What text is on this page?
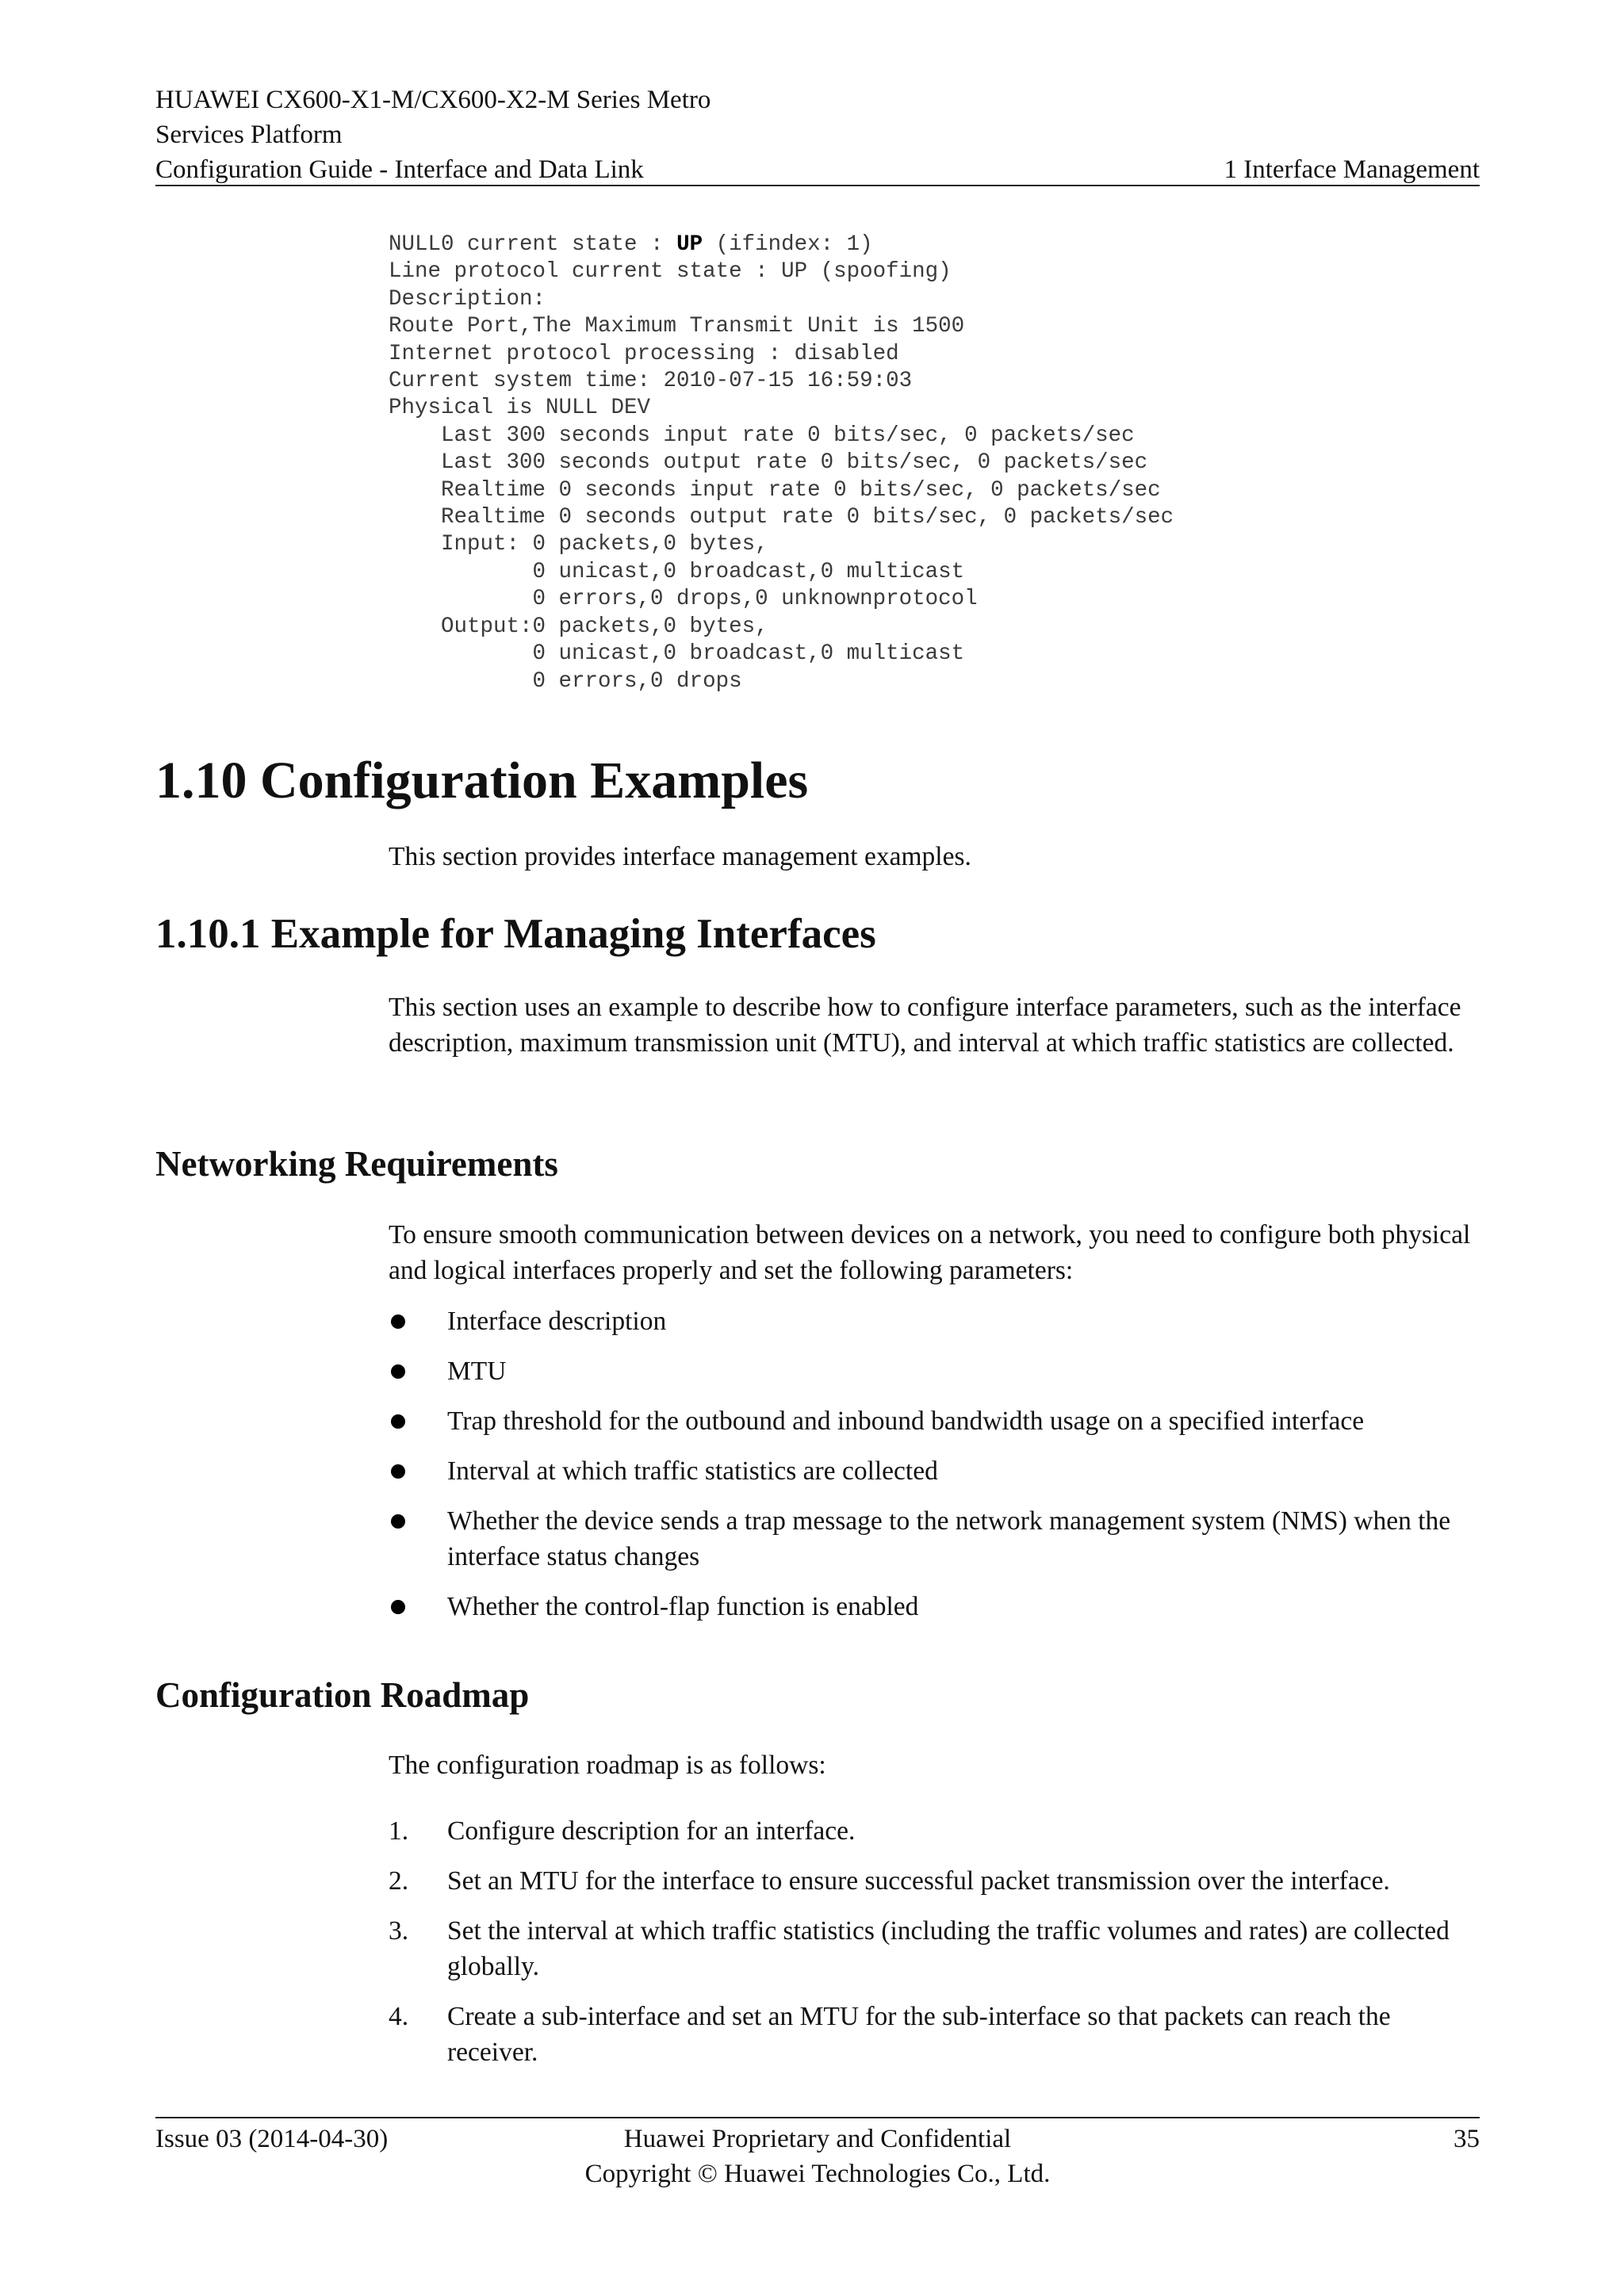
HUAWEI CX600-X1-M/CX600-X2-M Series Metro
Services Platform
Configuration Guide - Interface and Data Link	1 Interface Management
NULL0 current state : UP (ifindex: 1)
Line protocol current state : UP (spoofing)
Description:
Route Port,The Maximum Transmit Unit is 1500
Internet protocol processing : disabled
Current system time: 2010-07-15 16:59:03
Physical is NULL DEV
Last 300 seconds input rate 0 bits/sec, 0 packets/sec
Last 300 seconds output rate 0 bits/sec, 0 packets/sec
Realtime 0 seconds input rate 0 bits/sec, 0 packets/sec
Realtime 0 seconds output rate 0 bits/sec, 0 packets/sec
Input: 0 packets,0 bytes,
0 unicast,0 broadcast,0 multicast
0 errors,0 drops,0 unknownprotocol
Output:0 packets,0 bytes,
0 unicast,0 broadcast,0 multicast
0 errors,0 drops
1.10 Configuration Examples

This section provides interface management examples.

1.10.1 Example for Managing Interfaces

This section uses an example to describe how to configure interface parameters, such as the interface description, maximum transmission unit (MTU), and interval at which traffic statistics are collected.

Networking Requirements

To ensure smooth communication between devices on a network, you need to configure both physical and logical interfaces properly and set the following parameters:

Interface description
MTU
Trap threshold for the outbound and inbound bandwidth usage on a specified interface
Interval at which traffic statistics are collected
Whether the device sends a trap message to the network management system (NMS) when the interface status changes
Whether the control-flap function is enabled
Configuration Roadmap

The configuration roadmap is as follows:

1. Configure description for an interface.
2. Set an MTU for the interface to ensure successful packet transmission over the interface.
3. Set the interval at which traffic statistics (including the traffic volumes and rates) are collected globally.
4. Create a sub-interface and set an MTU for the sub-interface so that packets can reach the receiver.
Issue 03 (2014-04-30)	Huawei Proprietary and Confidential
Copyright © Huawei Technologies Co., Ltd.
35
